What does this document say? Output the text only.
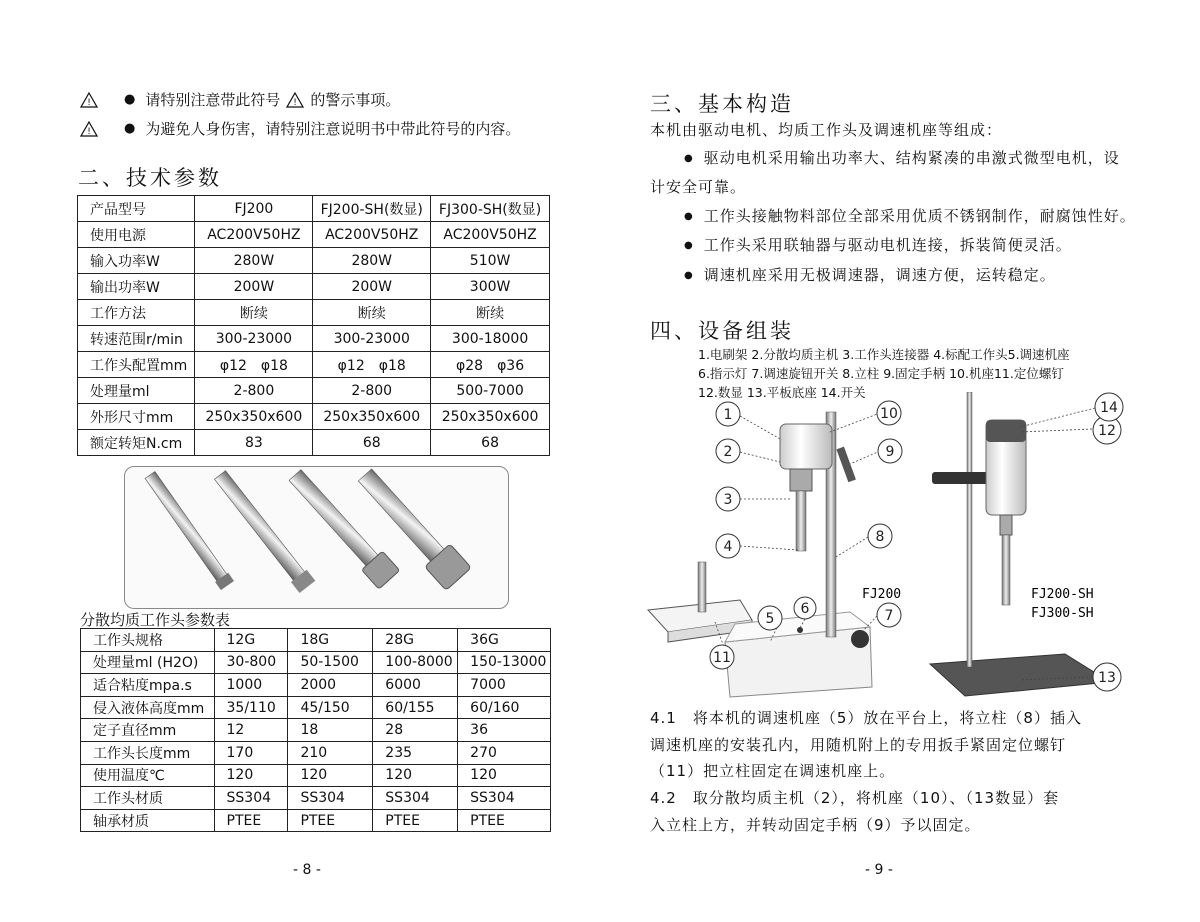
!	● 请特别注意带此符号 ! 的警示事项。
!	● 为避免人身伤害，请特别注意说明书中带此符号的内容。
二、技术参数
产品型号	FJ200	FJ200-SH(数显)	FJ300-SH(数显)
使用电源	AC200V50HZ	AC200V50HZ	AC200V50HZ
输入功率W	280W	280W	510W
输出功率W	200W	200W	300W
工作方法	断续	断续	断续
转速范围r/min	300-23000	300-23000	300-18000
工作头配置mm	φ12　φ18	φ12　φ18	φ28　φ36
处理量ml	2-800	2-800	500-7000
外形尺寸mm	250x350x600	250x350x600	250x350x600
额定转矩N.cm	83	68	68
分散均质工作头参数表
工作头规格	12G	18G	28G	36G
处理量ml (H2O)	30-800	50-1500	100-8000	150-13000
适合粘度mpa.s	1000	2000	6000	7000
侵入液体高度mm	35/110	45/150	60/155	60/160
定子直径mm	12	18	28	36
工作头长度mm	170	210	235	270
使用温度℃	120	120	120	120
工作头材质	SS304	SS304	SS304	SS304
轴承材质	PTEE	PTEE	PTEE	PTEE
- 8 -
三、基本构造
本机由驱动电机、均质工作头及调速机座等组成：
● 驱动电机采用输出功率大、结构紧凑的串激式微型电机，设
计安全可靠。
● 工作头接触物料部位全部采用优质不锈钢制作，耐腐蚀性好。
● 工作头采用联轴器与驱动电机连接，拆装简便灵活。
● 调速机座采用无极调速器，调速方便，运转稳定。
四、设备组装
1.电刷架 2.分散均质主机 3.工作头连接器 4.标配工作头5.调速机座
6.指示灯 7.调速旋钮开关 8.立柱 9.固定手柄 10.机座11.定位螺钉
12.数显 13.平板底座 14.开关
1
2
3
4
5
6	7
8
9
10
11
12
13
14
FJ200	FJ200-SH
FJ300-SH
4.1　将本机的调速机座（5）放在平台上，将立柱（8）插入
调速机座的安装孔内，用随机附上的专用扳手紧固定位螺钉
（11）把立柱固定在调速机座上。
4.2　取分散均质主机（2），将机座（10）、（13数显）套
入立柱上方，并转动固定手柄（9）予以固定。
- 9 -
